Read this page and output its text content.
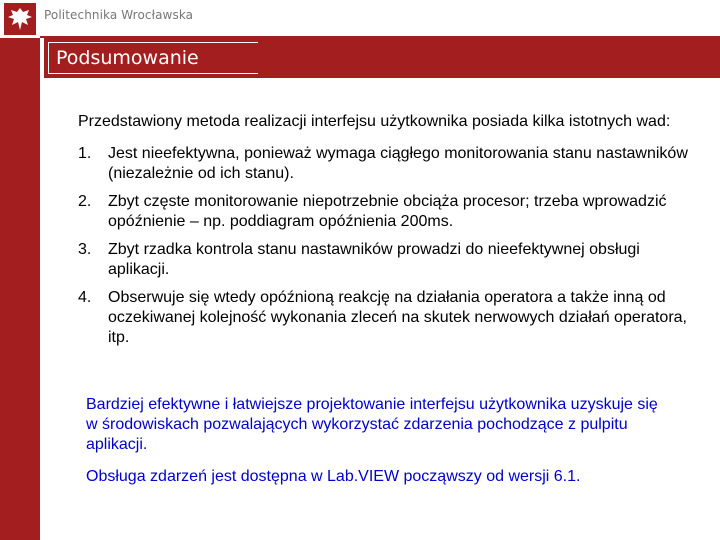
Politechnika Wrocławska
Podsumowanie

Przedstawiony metoda realizacji interfejsu użytkownika posiada kilka istotnych wad:

1. Jest nieefektywna, ponieważ wymaga ciągłego monitorowania stanu nastawników (niezależnie od ich stanu).
2. Zbyt częste monitorowanie niepotrzebnie obciąża procesor; trzeba wprowadzić opóźnienie – np. poddiagram opóźnienia 200ms.
3. Zbyt rzadka kontrola stanu nastawników prowadzi do nieefektywnej obsługi aplikacji.
4. Obserwuje się wtedy opóźnioną reakcję na działania operatora a także inną od oczekiwanej kolejność wykonania zleceń na skutek nerwowych działań operatora, itp.

Bardziej efektywne i łatwiejsze projektowanie interfejsu użytkownika uzyskuje się w środowiskach pozwalających wykorzystać zdarzenia pochodzące z pulpitu aplikacji.

Obsługa zdarzeń jest dostępna w Lab.VIEW począwszy od wersji 6.1.
